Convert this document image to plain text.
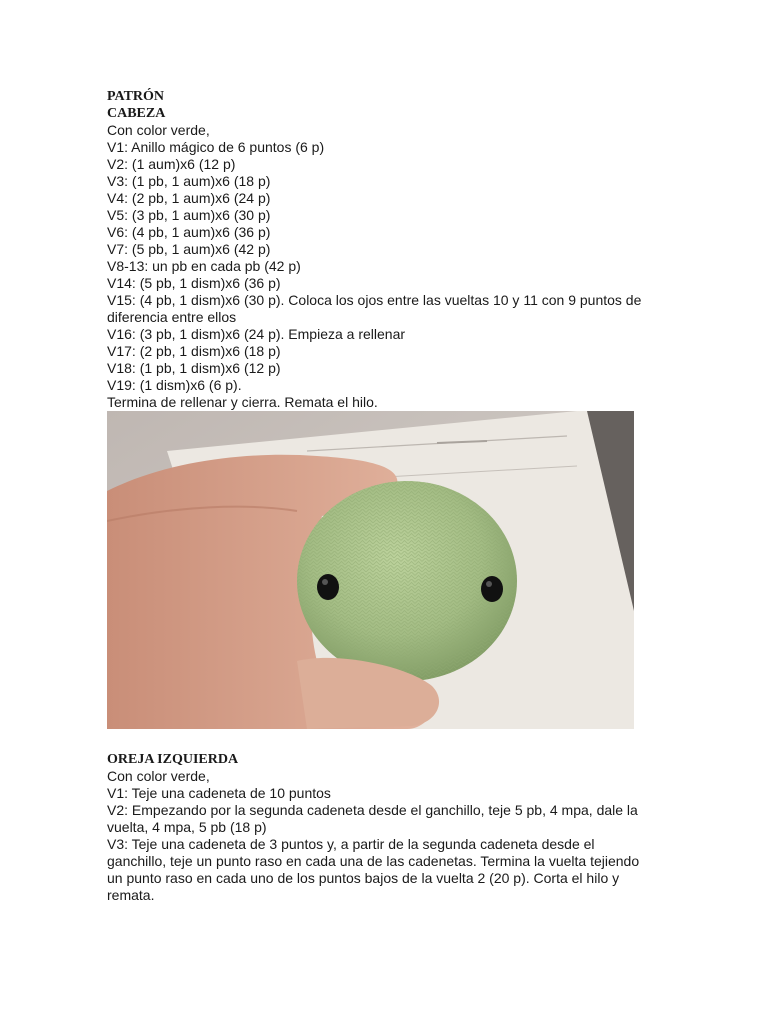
PATRÓN

CABEZA

Con color verde,

V1: Anillo mágico de 6 puntos (6 p)

V2: (1 aum)x6 (12 p)

V3: (1 pb, 1 aum)x6 (18 p)

V4: (2 pb, 1 aum)x6 (24 p)

V5: (3 pb, 1 aum)x6 (30 p)

V6: (4 pb, 1 aum)x6 (36 p)

V7: (5 pb, 1 aum)x6 (42 p)

V8-13: un pb en cada pb (42 p)

V14: (5 pb, 1 dism)x6 (36 p)

V15: (4 pb, 1 dism)x6 (30 p). Coloca los ojos entre las vueltas 10 y 11 con 9 puntos de

diferencia entre ellos

V16: (3 pb, 1 dism)x6 (24 p). Empieza a rellenar

V17: (2 pb, 1 dism)x6 (18 p)

V18: (1 pb, 1 dism)x6 (12 p)

V19: (1 dism)x6 (6 p).

Termina de rellenar y cierra. Remata el hilo.

OREJA IZQUIERDA

Con color verde,

V1: Teje una cadeneta de 10 puntos

V2: Empezando por la segunda cadeneta desde el ganchillo, teje 5 pb, 4 mpa, dale la

vuelta, 4 mpa, 5 pb (18 p)

V3: Teje una cadeneta de 3 puntos y, a partir de la segunda cadeneta desde el

ganchillo, teje un punto raso en cada una de las cadenetas. Termina la vuelta tejiendo

un punto raso en cada uno de los puntos bajos de la vuelta 2 (20 p). Corta el hilo y

remata.
